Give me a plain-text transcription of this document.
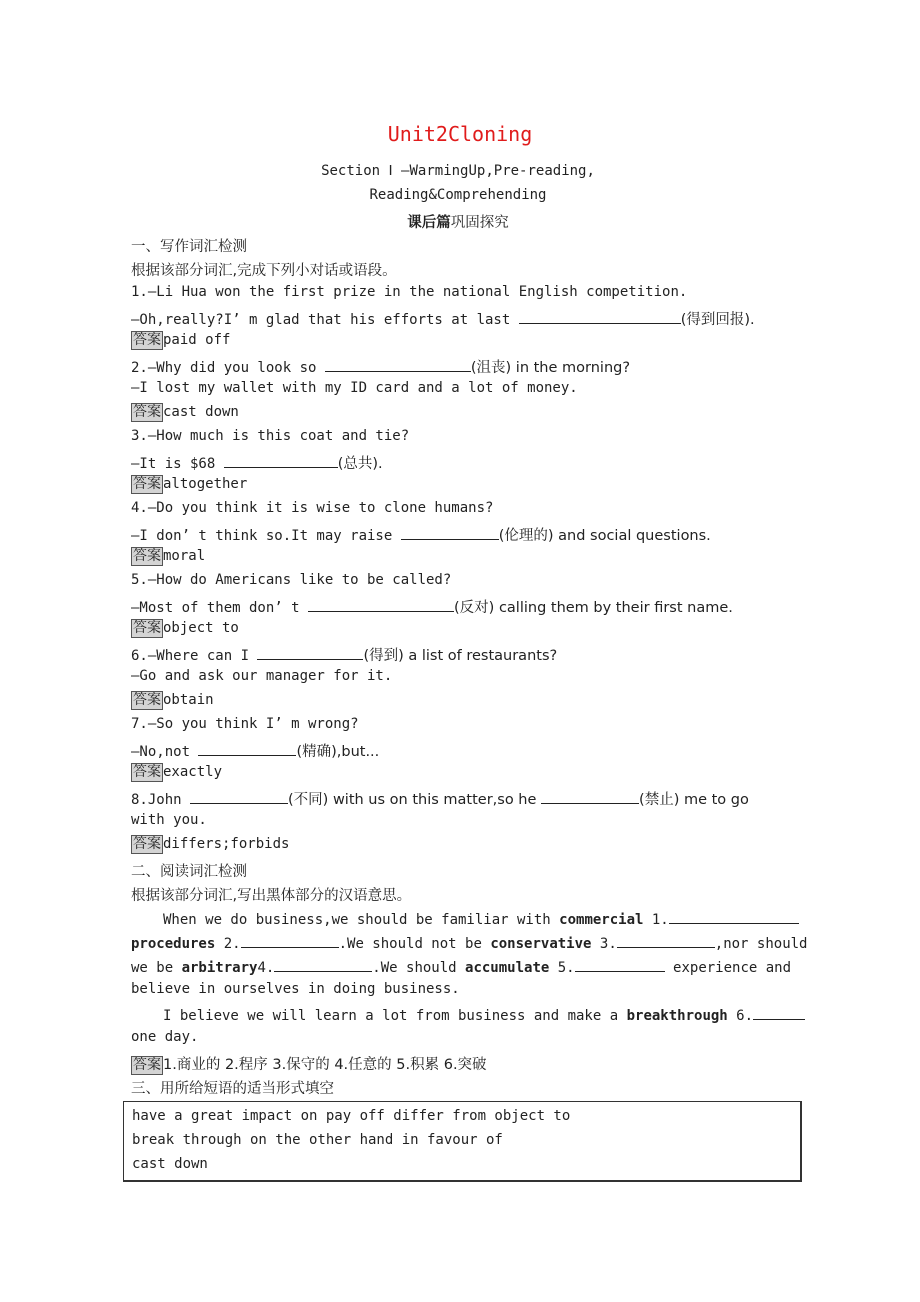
Unit2Cloning
Section Ⅰ —WarmingUp,Pre-reading,
Reading&Comprehending
课后篇巩固探究
一、写作词汇检测
根据该部分词汇,完成下列小对话或语段。
1.—Li Hua won the first prize in the national English competition.
—Oh,really?I’ m glad that his efforts at last	(得到回报).
答案 paid off
2.—Why did you look so	(沮丧) in the morning?
—I lost my wallet with my ID card and a lot of money.
答案 cast down
3.—How much is this coat and tie?
—It is $68	(总共).
答案 altogether
4.—Do you think it is wise to clone humans?
—I don’ t think so.It may raise	(伦理的) and social questions.
答案 moral
5.—How do Americans like to be called?
—Most of them don’ t	(反对) calling them by their first name.
答案 object to
6.—Where can I	(得到) a list of restaurants?
—Go and ask our manager for it.
答案 obtain
7.—So you think I’ m wrong?
—No,not	(精确),but...
答案 exactly
8.John	(不同) with us on this matter,so he	(禁止) me to go
with you.
答案 differs;forbids
二、阅读词汇检测
根据该部分词汇,写出黑体部分的汉语意思。
When we do business,we should be familiar with commercial 1.
procedures 2.	.We should not be conservative 3.	,nor should
we be arbitrary4.	.We should accumulate 5.	experience and
believe in ourselves in doing business.
I believe we will learn a lot from business and make a breakthrough 6.
one day.
答案 1.商业的 2.程序 3.保守的 4.任意的 5.积累 6.突破
三、用所给短语的适当形式填空
have a great impact on pay off differ from object to
break through on the other hand in favour of
cast down
